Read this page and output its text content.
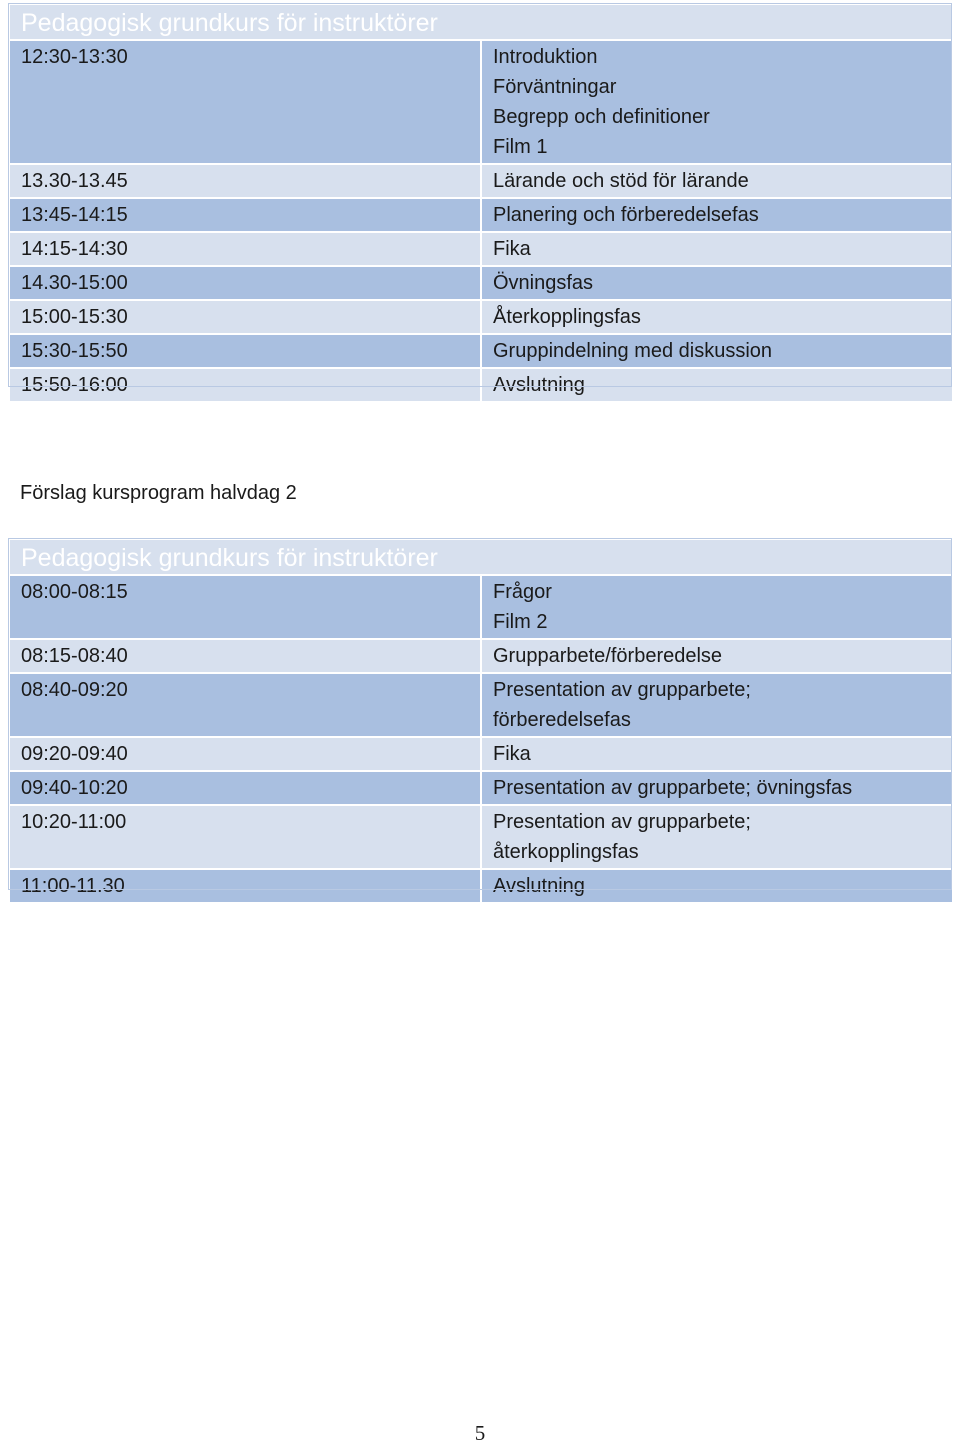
Pedagogisk grundkurs för instruktörer	
12:30-13:30	Introduktion
Förväntningar
Begrepp och definitioner
Film 1
13.30-13.45	Lärande och stöd för lärande
13:45-14:15	Planering och förberedelsefas
14:15-14:30	Fika
14.30-15:00	Övningsfas
15:00-15:30	Återkopplingsfas
15:30-15:50	Gruppindelning med diskussion
15:50-16:00	Avslutning
Förslag kursprogram halvdag 2
Pedagogisk grundkurs för instruktörer	
08:00-08:15	Frågor
Film 2
08:15-08:40	Grupparbete/förberedelse
08:40-09:20	Presentation av grupparbete;
förberedelsefas
09:20-09:40	Fika
09:40-10:20	Presentation av grupparbete; övningsfas
10:20-11:00	Presentation av grupparbete;
återkopplingsfas
11:00-11.30	Avslutning
5
